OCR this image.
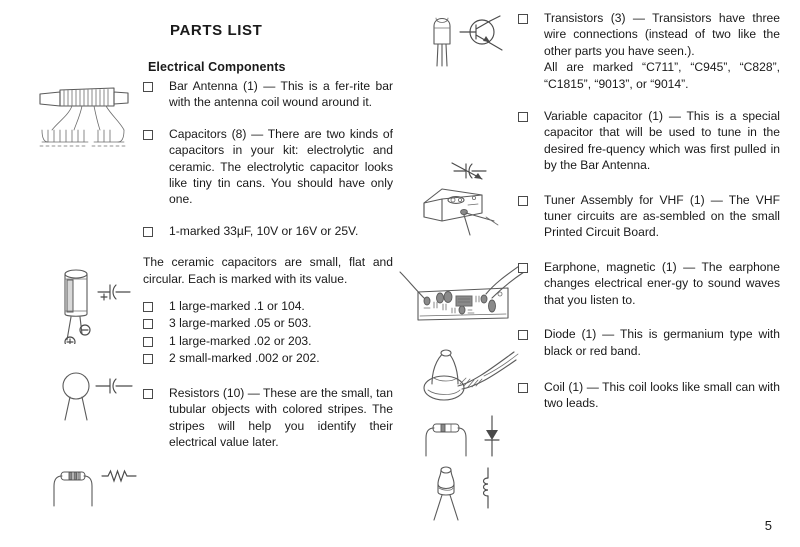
PARTS LIST
Electrical Components
Bar Antenna (1) — This is a fer-rite bar with the antenna coil wound around it.
Capacitors (8) — There are two kinds of capacitors in your kit: electrolytic and ceramic. The electrolytic capacitor looks like tiny tin cans. You should have only one.
1-marked 33µF, 10V or 16V or 25V.

The ceramic capacitors are small, flat and circular. Each is marked with its value.

1 large-marked .1 or 104.
3 large-marked .05 or 503.
1 large-marked .02 or 203.
2 small-marked .002 or 202.
Resistors (10) — These are the small, tan tubular objects with colored stripes. The stripes will help you identify their electrical value later.
Transistors (3) — Transistors have three wire connections (instead of two like the other parts you have seen.).
All are marked “C711”, “C945”, “C828”, “C1815”, “9013”, or “9014”.
Variable capacitor (1) — This is a special capacitor that will be used to tune in the desired fre-quency which was first pulled in by the Bar Antenna.
Tuner Assembly for VHF (1) — The VHF tuner circuits are as-sembled on the small Printed Circuit Board.
Earphone, magnetic (1) — The earphone changes electrical ener-gy to sound waves that you listen to.
Diode (1) — This is germanium type with black or red band.
Coil (1) — This coil looks like small can with two leads.
5
